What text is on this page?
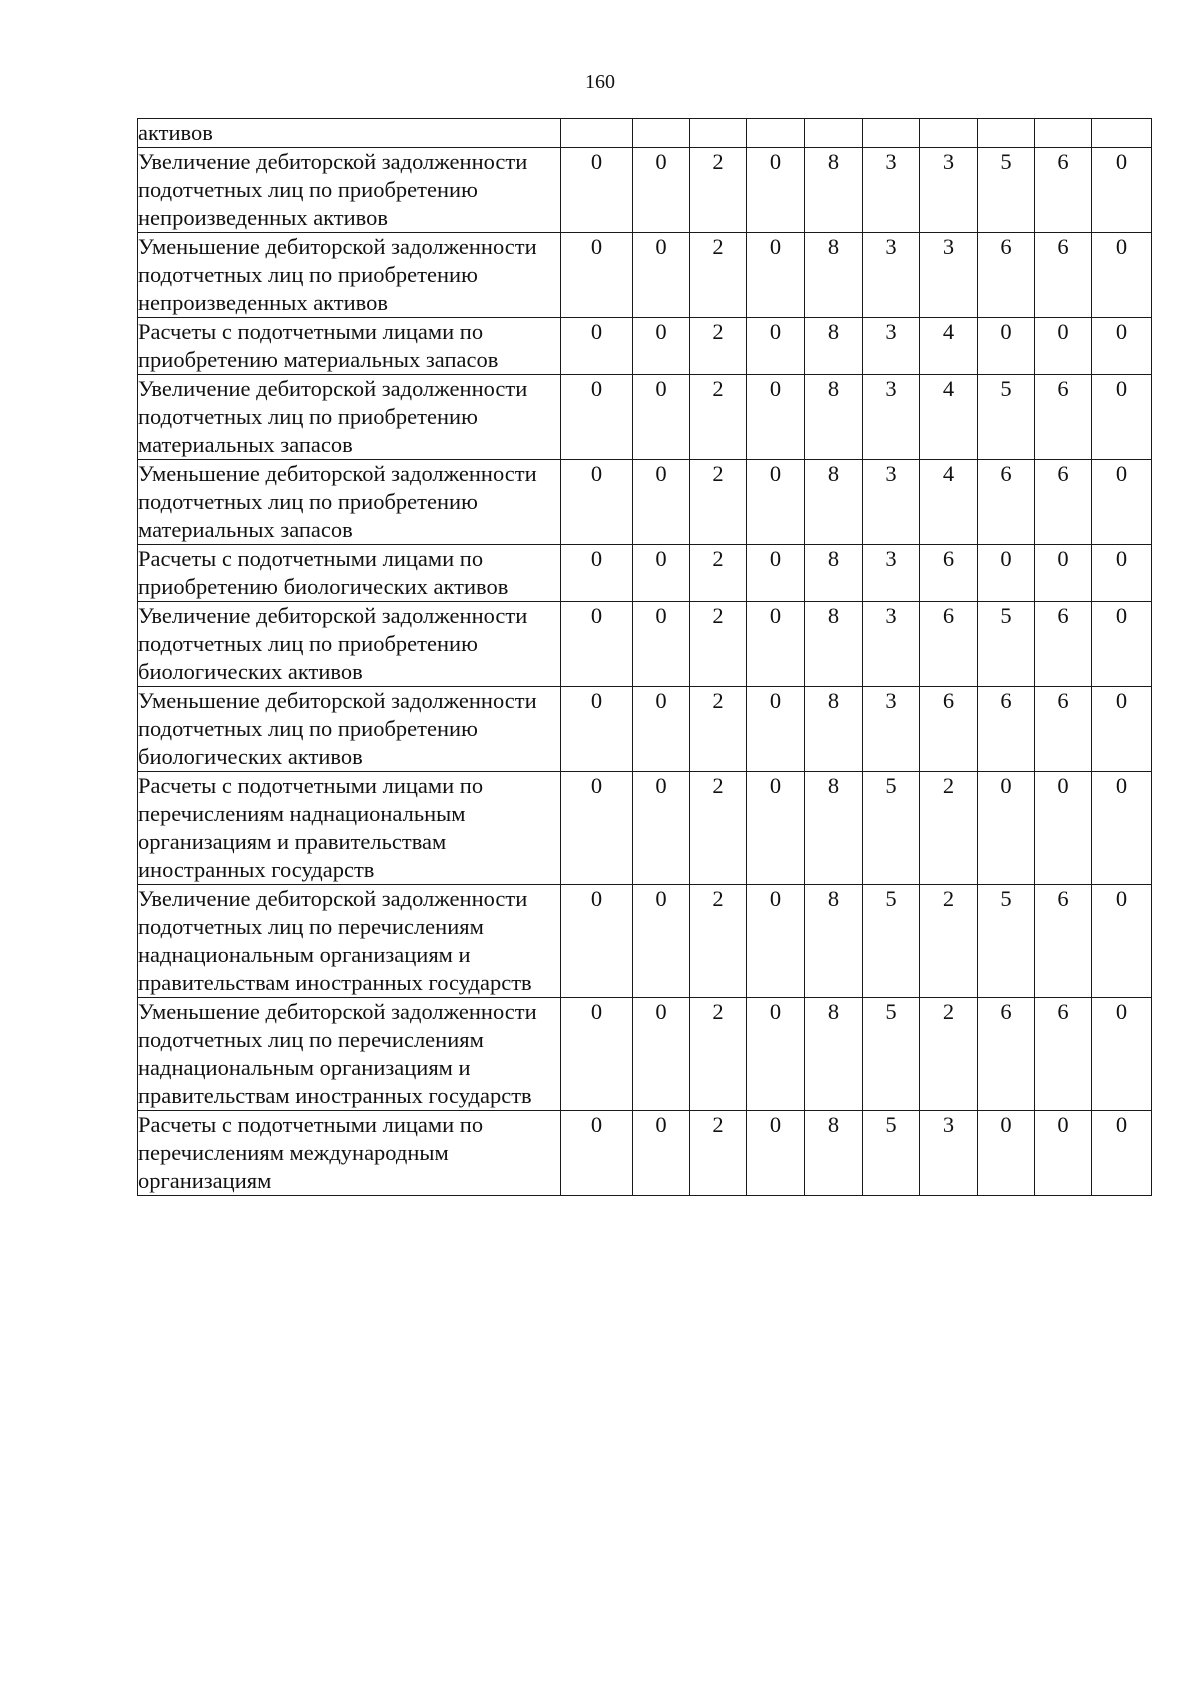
160
активов										
Увеличение дебиторской задолженности подотчетных лиц по приобретению непроизведенных активов	0	0	2	0	8	3	3	5	6	0
Уменьшение дебиторской задолженности подотчетных лиц по приобретению непроизведенных активов	0	0	2	0	8	3	3	6	6	0
Расчеты с подотчетными лицами по приобретению материальных запасов	0	0	2	0	8	3	4	0	0	0
Увеличение дебиторской задолженности подотчетных лиц по приобретению материальных запасов	0	0	2	0	8	3	4	5	6	0
Уменьшение дебиторской задолженности подотчетных лиц по приобретению материальных запасов	0	0	2	0	8	3	4	6	6	0
Расчеты с подотчетными лицами по приобретению биологических активов	0	0	2	0	8	3	6	0	0	0
Увеличение дебиторской задолженности подотчетных лиц по приобретению биологических активов	0	0	2	0	8	3	6	5	6	0
Уменьшение дебиторской задолженности подотчетных лиц по приобретению биологических активов	0	0	2	0	8	3	6	6	6	0
Расчеты с подотчетными лицами по перечислениям наднациональным организациям и правительствам иностранных государств	0	0	2	0	8	5	2	0	0	0
Увеличение дебиторской задолженности подотчетных лиц по перечислениям наднациональным организациям и правительствам иностранных государств	0	0	2	0	8	5	2	5	6	0
Уменьшение дебиторской задолженности подотчетных лиц по перечислениям наднациональным организациям и правительствам иностранных государств	0	0	2	0	8	5	2	6	6	0
Расчеты с подотчетными лицами по перечислениям международным организациям	0	0	2	0	8	5	3	0	0	0
